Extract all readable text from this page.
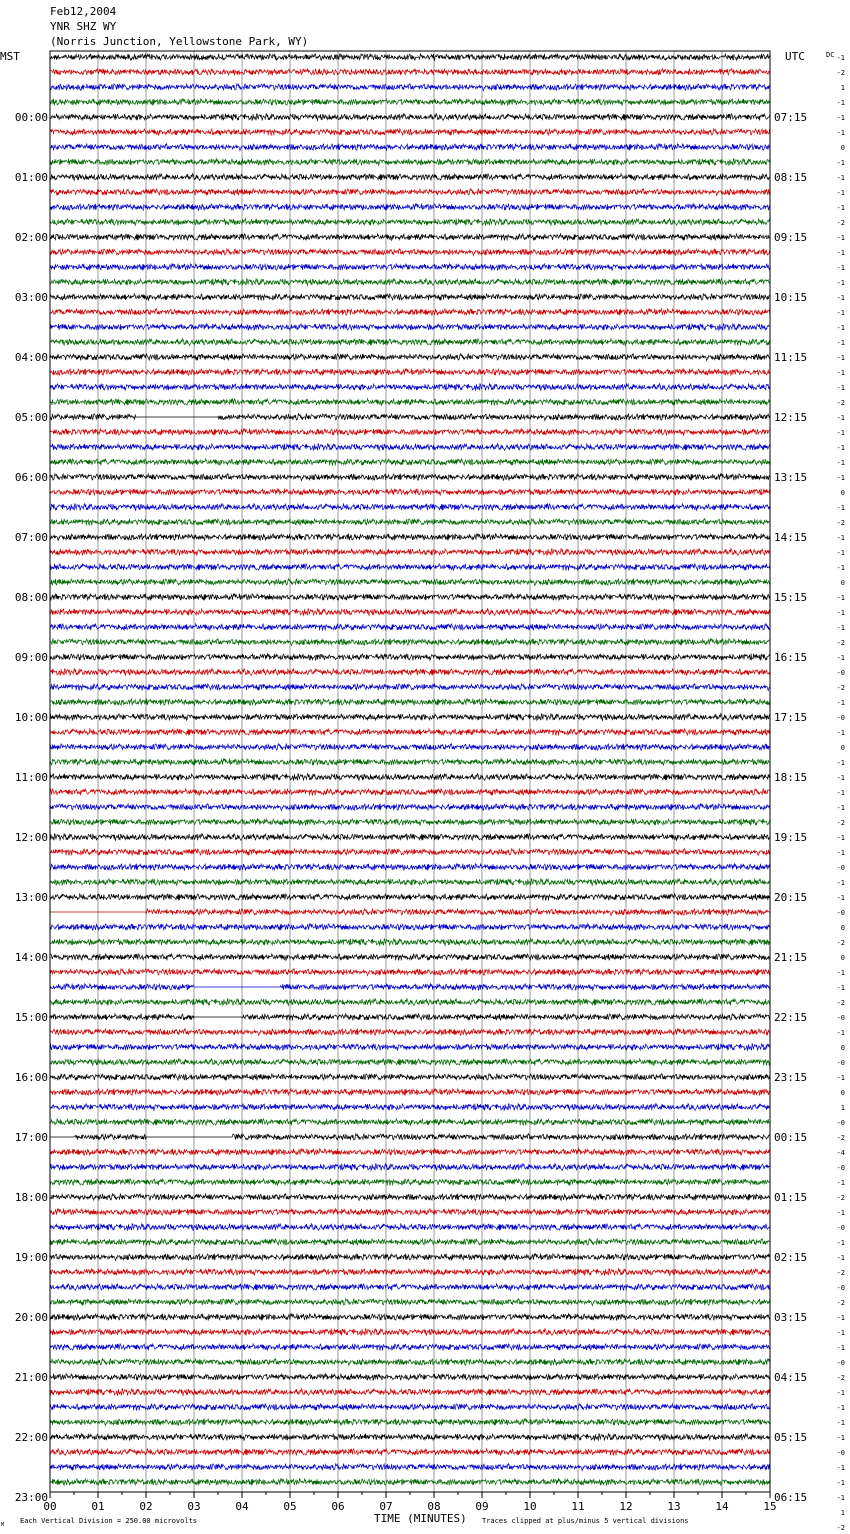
Feb12,2004
YNR SHZ WY
(Norris Junction, Yellowstone Park, WY)
00	01	02	03	04	05	06	07	08	09	10	11	12	13	14	15
00:00
01:00
02:00
03:00
04:00
05:00
06:00
07:00
08:00
09:00
10:00
11:00
12:00
13:00
14:00
15:00
16:00
17:00
18:00
19:00
20:00
21:00
22:00
23:00
07:15
08:15
09:15
10:15
11:15
12:15
13:15
14:15
15:15
16:15
17:15
18:15
19:15
20:15
21:15
22:15
23:15
00:15
01:15
02:15
03:15
04:15
05:15
06:15
-1
-2
1
-1
-1
-1
0
-1
-1
-1
-1
-2
-1
-1
-1
-1
-1
-1
-1
-1
-1
-1
-1
-2
-1
-1
-1
-1
-1
0
-1
-2
-1
-1
-1
0
-1
-1
-1
-2
-1
-0
-2
-1
-0
-1
0
-1
-1
-1
-1
-2
-1
-1
-0
-1
-1
-0
0
-2
0
-1
-1
-2
-0
-1
0
-0
-1
0
1
-0
-2
-4
-0
-1
-2
-1
-0
-1
-1
-2
-0
-2
-1
-1
-1
-0
-2
-1
-1
-1
-1
-0
-1
-1
-1
1
-2
MST	UTC	DC
TIME (MINUTES)
Each Vertical Division = 250.00 microvolts	Traces clipped at plus/minus 5 vertical divisions
M
